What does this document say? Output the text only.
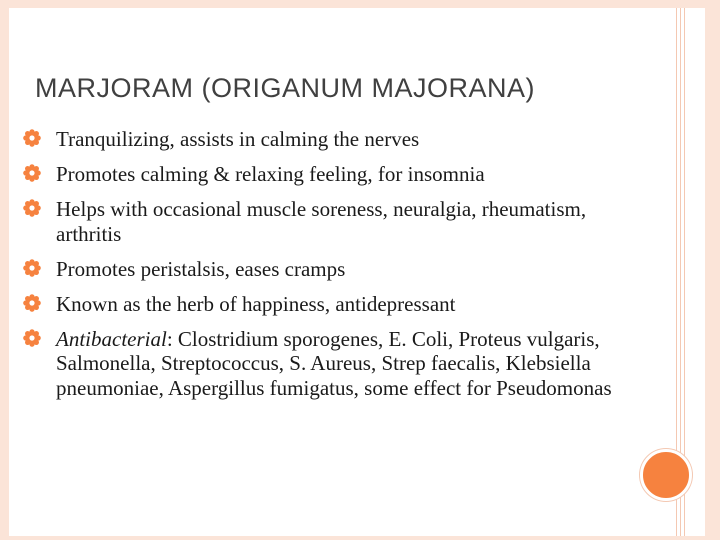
MARJORAM (ORIGANUM MAJORANA)
Tranquilizing, assists in calming the nerves
Promotes calming & relaxing feeling, for insomnia
Helps with occasional muscle soreness, neuralgia, rheumatism, arthritis
Promotes peristalsis, eases cramps
Known as the herb of happiness, antidepressant
Antibacterial: Clostridium sporogenes, E. Coli, Proteus vulgaris, Salmonella, Streptococcus, S. Aureus, Strep faecalis, Klebsiella pneumoniae, Aspergillus fumigatus, some effect for Pseudomonas
